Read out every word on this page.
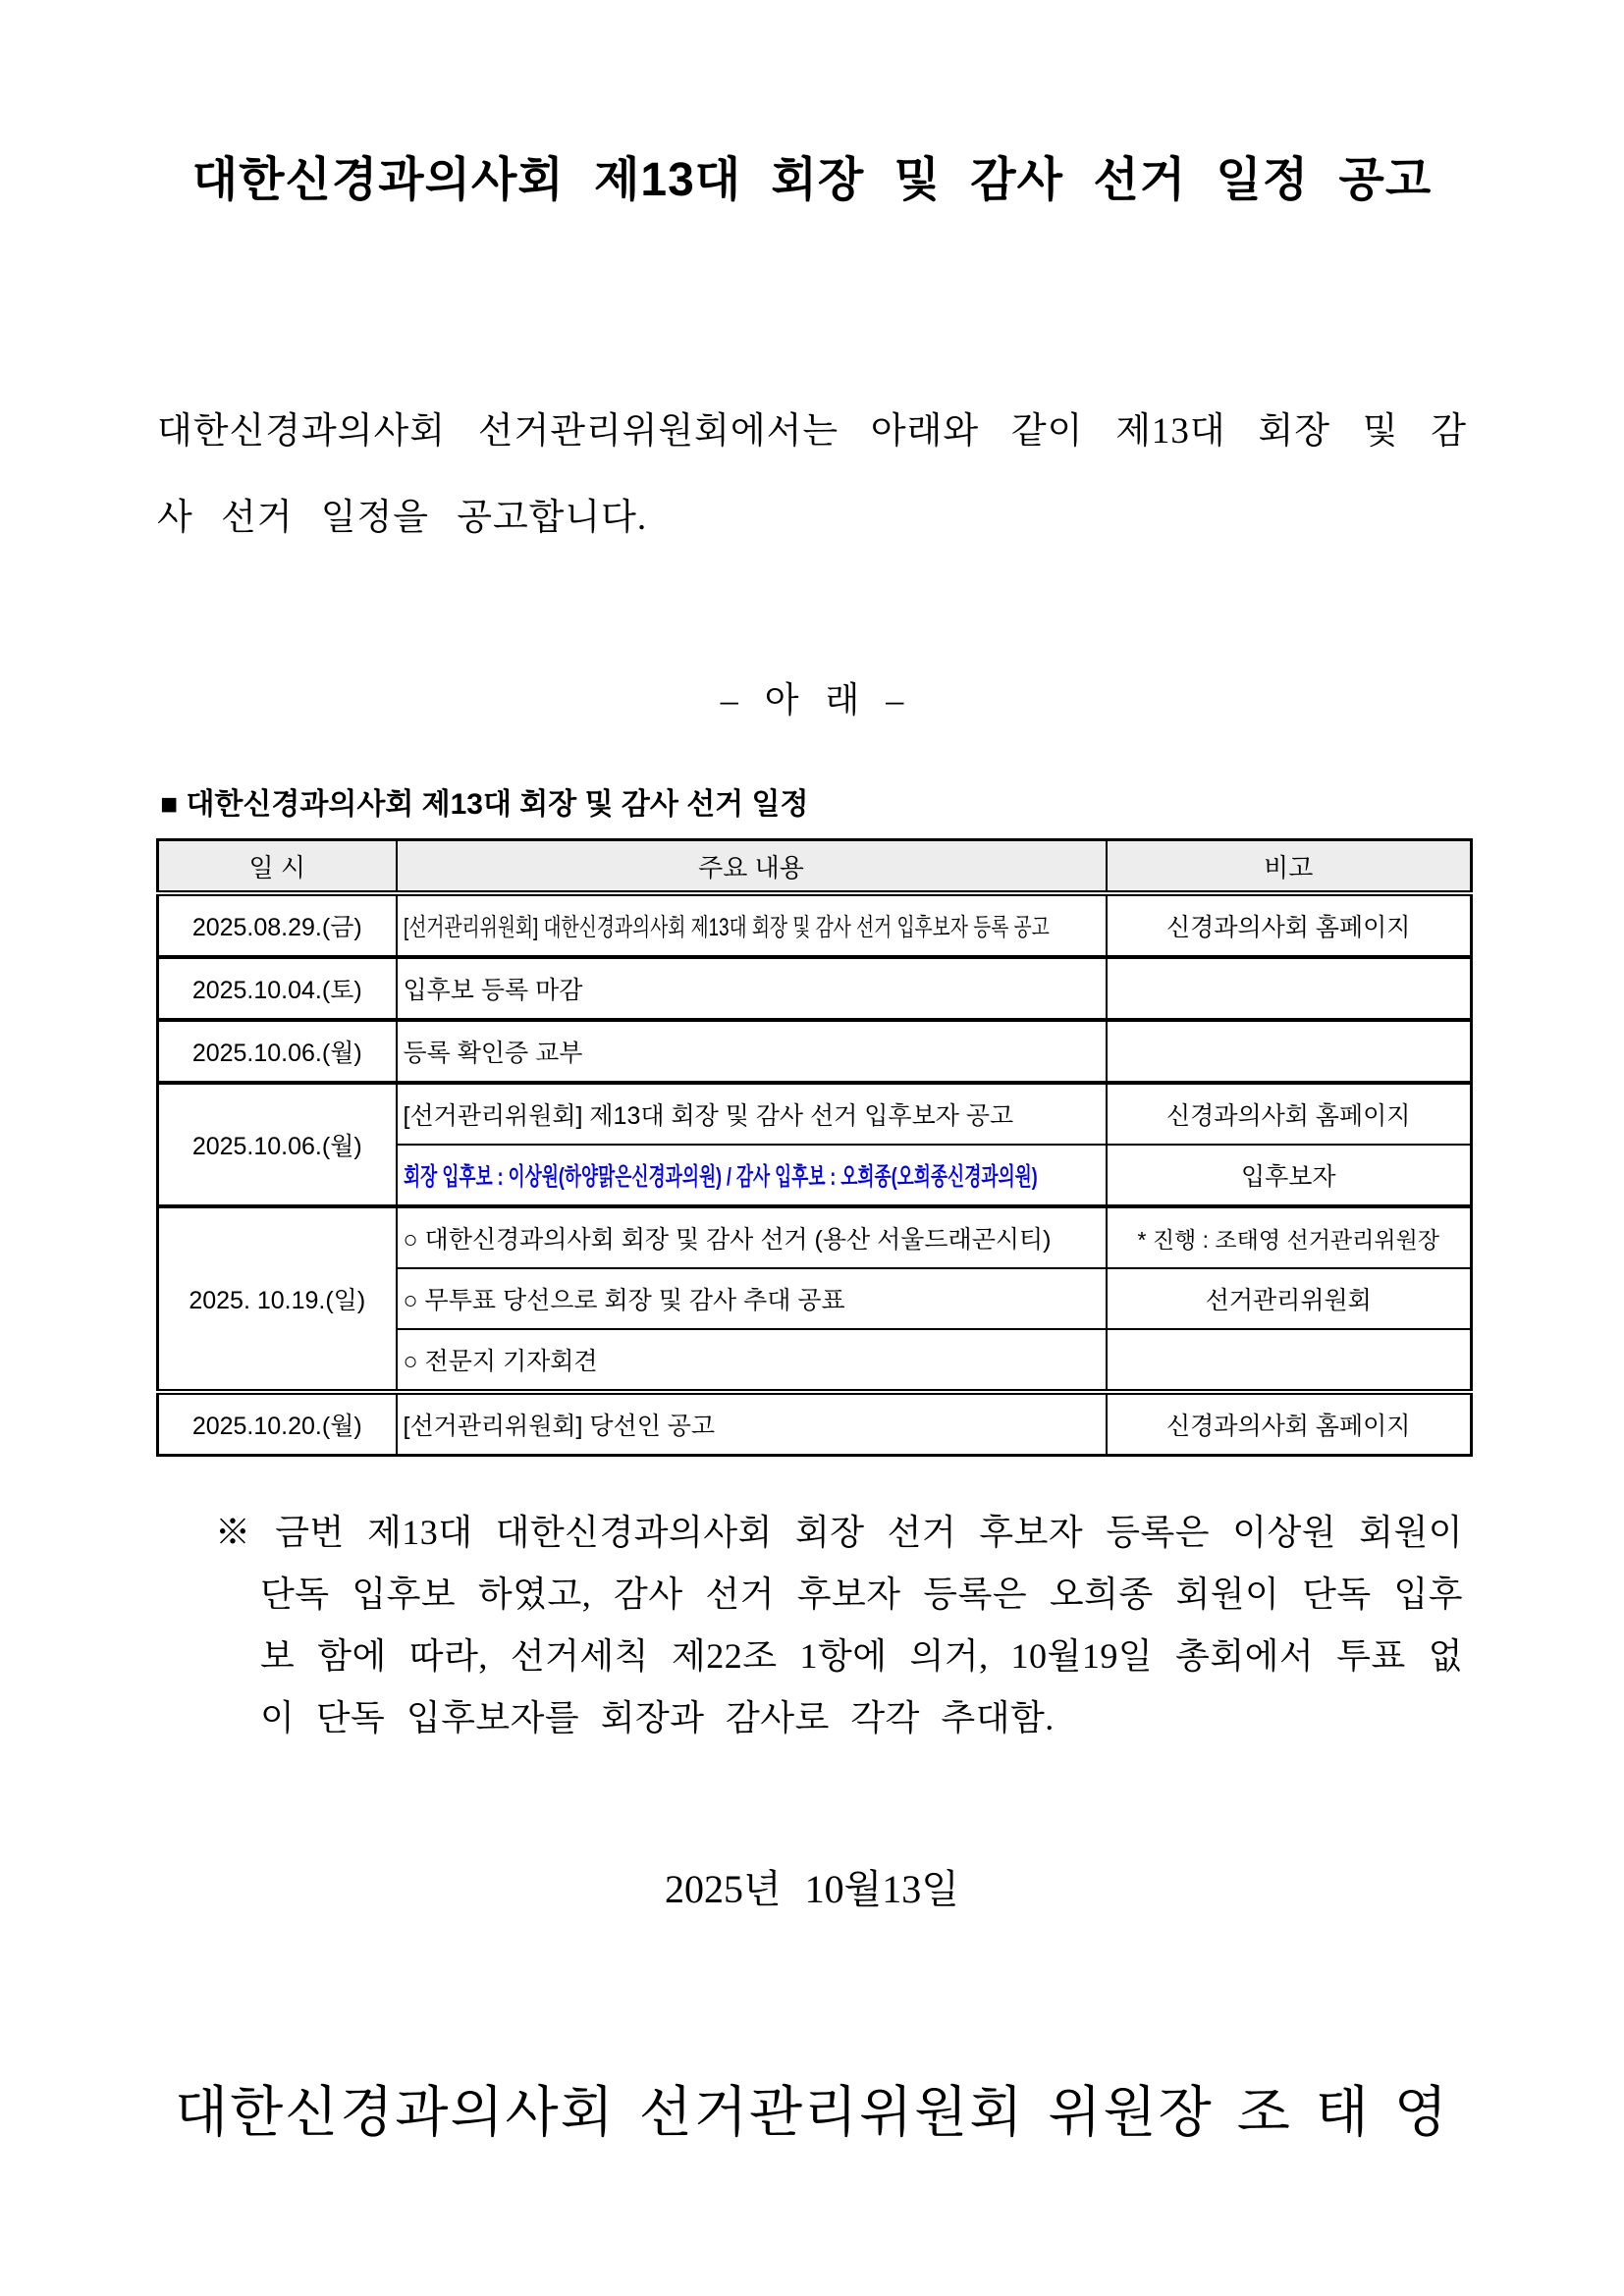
대한신경과의사회 제13대 회장 및 감사 선거 일정 공고
대한신경과의사회 선거관리위원회에서는 아래와 같이 제13대 회장 및 감사 선거 일정을 공고합니다.
– 아 래 –
■ 대한신경과의사회 제13대 회장 및 감사 선거 일정
일 시	주요 내용	비고
2025.08.29.(금)	[선거관리위원회] 대한신경과의사회 제13대 회장 및 감사 선거 입후보자 등록 공고	신경과의사회 홈페이지
2025.10.04.(토)	입후보 등록 마감	
2025.10.06.(월)	등록 확인증 교부	
2025.10.06.(월)	[선거관리위원회] 제13대 회장 및 감사 선거 입후보자 공고	신경과의사회 홈페이지
	회장 입후보 : 이상원(하양맑은신경과의원) / 감사 입후보 : 오희종(오희종신경과의원)	입후보자
2025. 10.19.(일)	○ 대한신경과의사회 회장 및 감사 선거 (용산 서울드래곤시티)	* 진행 : 조태영 선거관리위원장
	○ 무투표 당선으로 회장 및 감사 추대 공표	선거관리위원회
	○ 전문지 기자회견	
2025.10.20.(월)	[선거관리위원회] 당선인 공고	신경과의사회 홈페이지
※ 금번 제13대 대한신경과의사회 회장 선거 후보자 등록은 이상원 회원이 단독 입후보 하였고, 감사 선거 후보자 등록은 오희종 회원이 단독 입후보 함에 따라, 선거세칙 제22조 1항에 의거, 10월19일 총회에서 투표 없이 단독 입후보자를 회장과 감사로 각각 추대함.
2025년 10월13일
대한신경과의사회 선거관리위원회 위원장 조 태 영
